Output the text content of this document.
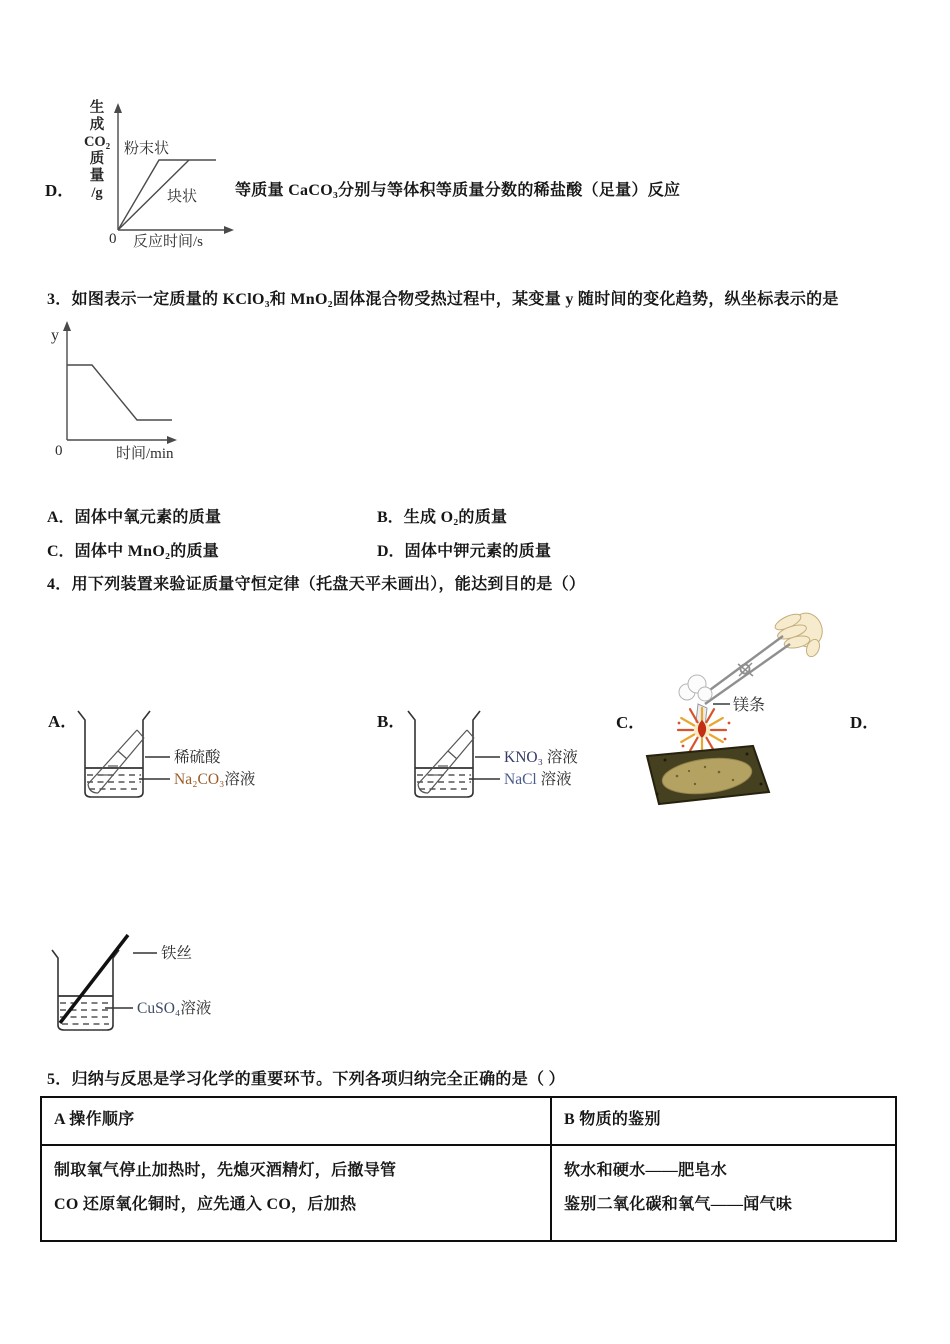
D．
生
成
CO₂
质
量
/g
粉末状
块状
0 反应时间/s
等质量 CaCO₃分别与等体积等质量分数的稀盐酸（足量）反应
3．如图表示一定质量的 KClO₃和 MnO₂固体混合物受热过程中，某变量 y 随时间的变化趋势，纵坐标表示的是
y
0	时间/min
A．固体中氧元素的质量	B．生成 O₂的质量
C．固体中 MnO₂的质量	D．固体中钾元素的质量
4．用下列装置来验证质量守恒定律（托盘天平未画出），能达到目的是（）
A．	B．	C．	D．
稀硫酸
Na₂CO₃溶液
KNO₃ 溶液
NaCl 溶液
镁条
铁丝
CuSO₄溶液
5．归纳与反思是学习化学的重要环节。下列各项归纳完全正确的是（ ）
A 操作顺序	B 物质的鉴别

制取氧气停止加热时，先熄灭酒精灯，后撤导管
CO 还原氧化铜时，应先通入 CO，后加热

软水和硬水——肥皂水
鉴别二氧化碳和氧气——闻气味
